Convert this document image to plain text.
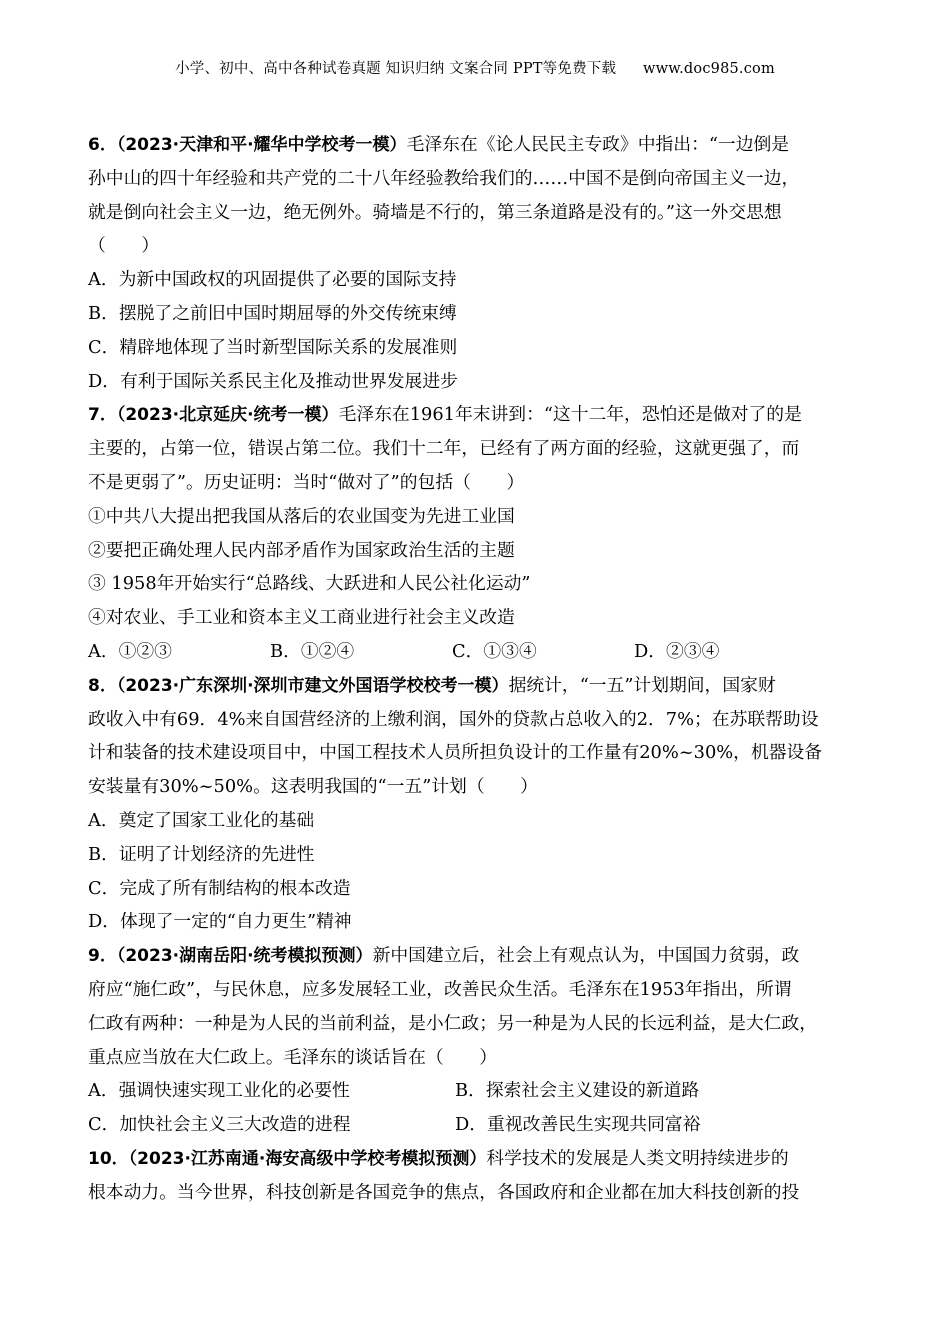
小学、初中、高中各种试卷真题 知识归纳 文案合同 PPT等免费下载 www.doc985.com
6．（2023·天津和平·耀华中学校考一模）毛泽东在《论人民民主专政》中指出：“一边倒是
孙中山的四十年经验和共产党的二十八年经验教给我们的……中国不是倒向帝国主义一边，
就是倒向社会主义一边，绝无例外。骑墙是不行的，第三条道路是没有的。”这一外交思想
（　　）
A．为新中国政权的巩固提供了必要的国际支持
B．摆脱了之前旧中国时期屈辱的外交传统束缚
C．精辟地体现了当时新型国际关系的发展准则
D．有利于国际关系民主化及推动世界发展进步
7．（2023·北京延庆·统考一模）毛泽东在1961年末讲到：“这十二年，恐怕还是做对了的是
主要的，占第一位，错误占第二位。我们十二年，已经有了两方面的经验，这就更强了，而
不是更弱了”。历史证明：当时“做对了”的包括（　　）
①中共八大提出把我国从落后的农业国变为先进工业国
②要把正确处理人民内部矛盾作为国家政治生活的主题
③ 1958年开始实行“总路线、大跃进和人民公社化运动”
④对农业、手工业和资本主义工商业进行社会主义改造
A．①②③	B．①②④	C．①③④	D．②③④
8．（2023·广东深圳·深圳市建文外国语学校校考一模）据统计，“一五”计划期间，国家财
政收入中有69．4%来自国营经济的上缴利润，国外的贷款占总收入的2．7%；在苏联帮助设
计和装备的技术建设项目中，中国工程技术人员所担负设计的工作量有20%~30%，机器设备
安装量有30%~50%。这表明我国的“一五”计划（　　）
A．奠定了国家工业化的基础
B．证明了计划经济的先进性
C．完成了所有制结构的根本改造
D．体现了一定的“自力更生”精神
9．（2023·湖南岳阳·统考模拟预测）新中国建立后，社会上有观点认为，中国国力贫弱，政
府应“施仁政”，与民休息，应多发展轻工业，改善民众生活。毛泽东在1953年指出，所谓
仁政有两种：一种是为人民的当前利益，是小仁政；另一种是为人民的长远利益，是大仁政，
重点应当放在大仁政上。毛泽东的谈话旨在（　　）
A．强调快速实现工业化的必要性	B．探索社会主义建设的新道路
C．加快社会主义三大改造的进程	D．重视改善民生实现共同富裕
10．（2023·江苏南通·海安高级中学校考模拟预测）科学技术的发展是人类文明持续进步的
根本动力。当今世界，科技创新是各国竞争的焦点，各国政府和企业都在加大科技创新的投
